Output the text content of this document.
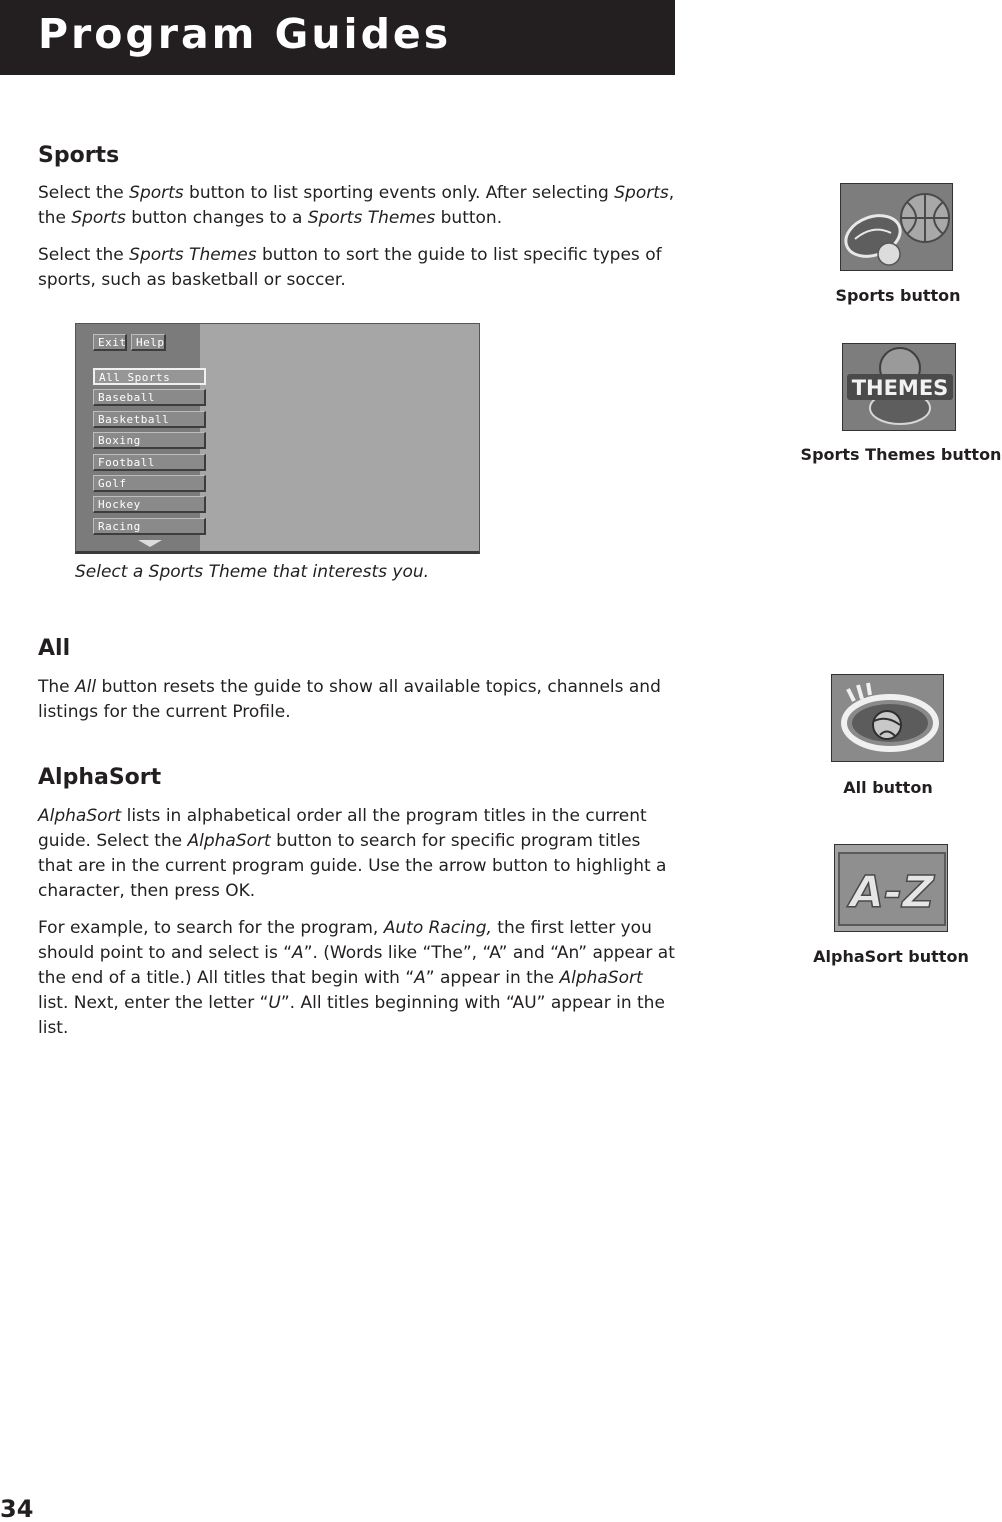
Program Guides
Sports

Select the Sports button to list sporting events only. After selecting Sports, the Sports button changes to a Sports Themes button.

Select the Sports Themes button to sort the guide to list specific types of sports, such as basketball or soccer.

Exit Help
All Sports
Baseball
Basketball
Boxing
Football
Golf
Hockey
Racing
Select a Sports Theme that interests you.
All

The All button resets the guide to show all available topics, channels and listings for the current Profile.

AlphaSort

AlphaSort lists in alphabetical order all the program titles in the current guide. Select the AlphaSort button to search for specific program titles that are in the current program guide. Use the arrow button to highlight a character, then press OK.

For example, to search for the program, Auto Racing, the first letter you should point to and select is “A”. (Words like “The”, “A” and “An” appear at the end of a title.) All titles that begin with “A” appear in the AlphaSort list. Next, enter the letter “U”. All titles beginning with “AU” appear in the list.

Sports button
THEMES
Sports Themes button
All button
A-Z
AlphaSort button
34
